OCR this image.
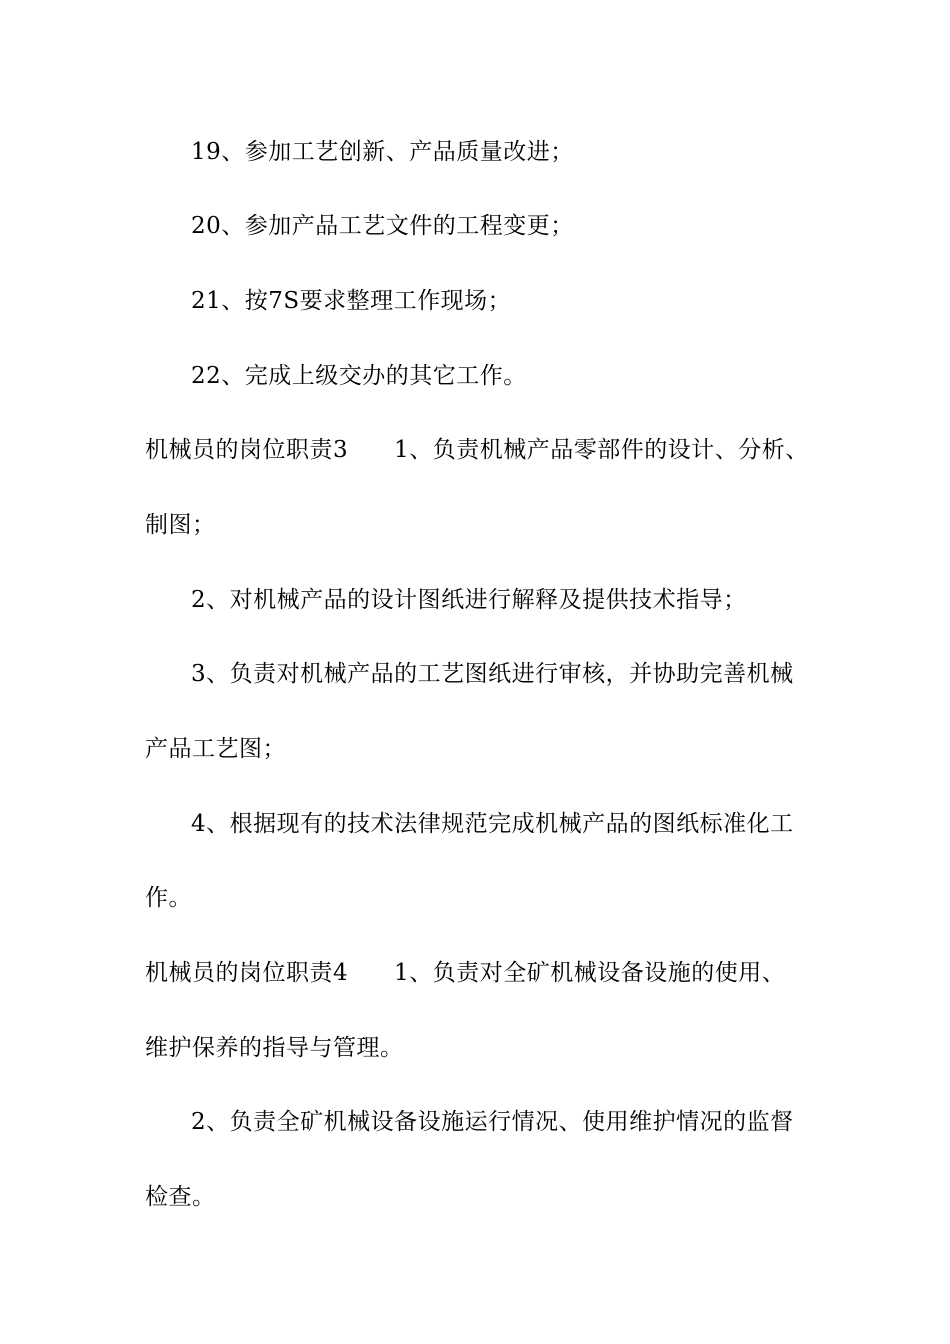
19、参加工艺创新、产品质量改进；
20、参加产品工艺文件的工程变更；
21、按7S要求整理工作现场；
22、完成上级交办的其它工作。
机械员的岗位职责3 1、负责机械产品零部件的设计、分析、
制图；
2、对机械产品的设计图纸进行解释及提供技术指导；
3、负责对机械产品的工艺图纸进行审核，并协助完善机械
产品工艺图；
4、根据现有的技术法律规范完成机械产品的图纸标准化工
作。
机械员的岗位职责4 1、负责对全矿机械设备设施的使用、
维护保养的指导与管理。
2、负责全矿机械设备设施运行情况、使用维护情况的监督
检查。
